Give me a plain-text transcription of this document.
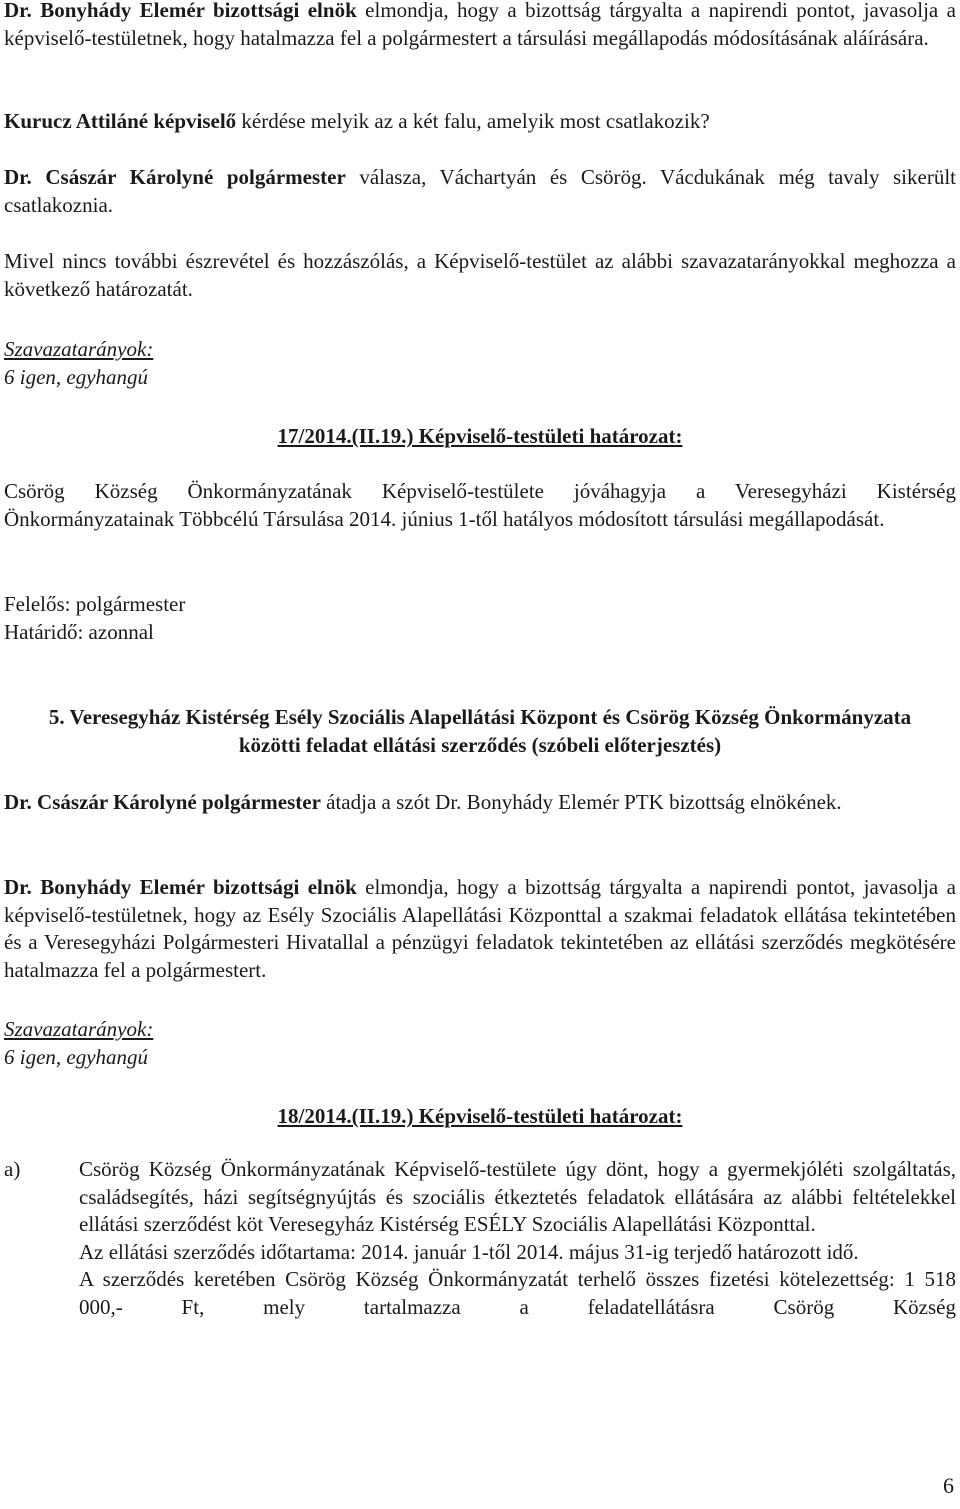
Dr. Bonyhády Elemér bizottsági elnök elmondja, hogy a bizottság tárgyalta a napirendi pontot, javasolja a képviselő-testületnek, hogy hatalmazza fel a polgármestert a társulási megállapodás módosításának aláírására.

Kurucz Attiláné képviselő kérdése melyik az a két falu, amelyik most csatlakozik?

Dr. Császár Károlyné polgármester válasza, Váchartyán és Csörög. Vácdukának még tavaly sikerült csatlakoznia.

Mivel nincs további észrevétel és hozzászólás, a Képviselő-testület az alábbi szavazatarányokkal meghozza a következő határozatát.

Szavazatarányok:
6 igen, egyhangú
17/2014.(II.19.) Képviselő-testületi határozat:

Csörög Község Önkormányzatának Képviselő-testülete jóváhagyja a Veresegyházi Kistérség Önkormányzatainak Többcélú Társulása 2014. június 1-től hatályos módosított társulási megállapodását.

Felelős: polgármester
Határidő: azonnal
5. Veresegyház Kistérség Esély Szociális Alapellátási Központ és Csörög Község Önkormányzata közötti feladat ellátási szerződés (szóbeli előterjesztés)

Dr. Császár Károlyné polgármester átadja a szót Dr. Bonyhády Elemér PTK bizottság elnökének.

Dr. Bonyhády Elemér bizottsági elnök elmondja, hogy a bizottság tárgyalta a napirendi pontot, javasolja a képviselő-testületnek, hogy az Esély Szociális Alapellátási Központtal a szakmai feladatok ellátása tekintetében és a Veresegyházi Polgármesteri Hivatallal a pénzügyi feladatok tekintetében az ellátási szerződés megkötésére hatalmazza fel a polgármestert.

Szavazatarányok:
6 igen, egyhangú
18/2014.(II.19.) Képviselő-testületi határozat:
a)	Csörög Község Önkormányzatának Képviselő-testülete úgy dönt, hogy a gyermekjóléti szolgáltatás, családsegítés, házi segítségnyújtás és szociális étkeztetés feladatok ellátására az alábbi feltételekkel ellátási szerződést köt Veresegyház Kistérség ESÉLY Szociális Alapellátási Központtal.
Az ellátási szerződés időtartama: 2014. január 1-től 2014. május 31-ig terjedő határozott idő.
A szerződés keretében Csörög Község Önkormányzatát terhelő összes fizetési kötelezettség: 1 518 000,- Ft, mely tartalmazza a feladatellátásra Csörög Község
6
